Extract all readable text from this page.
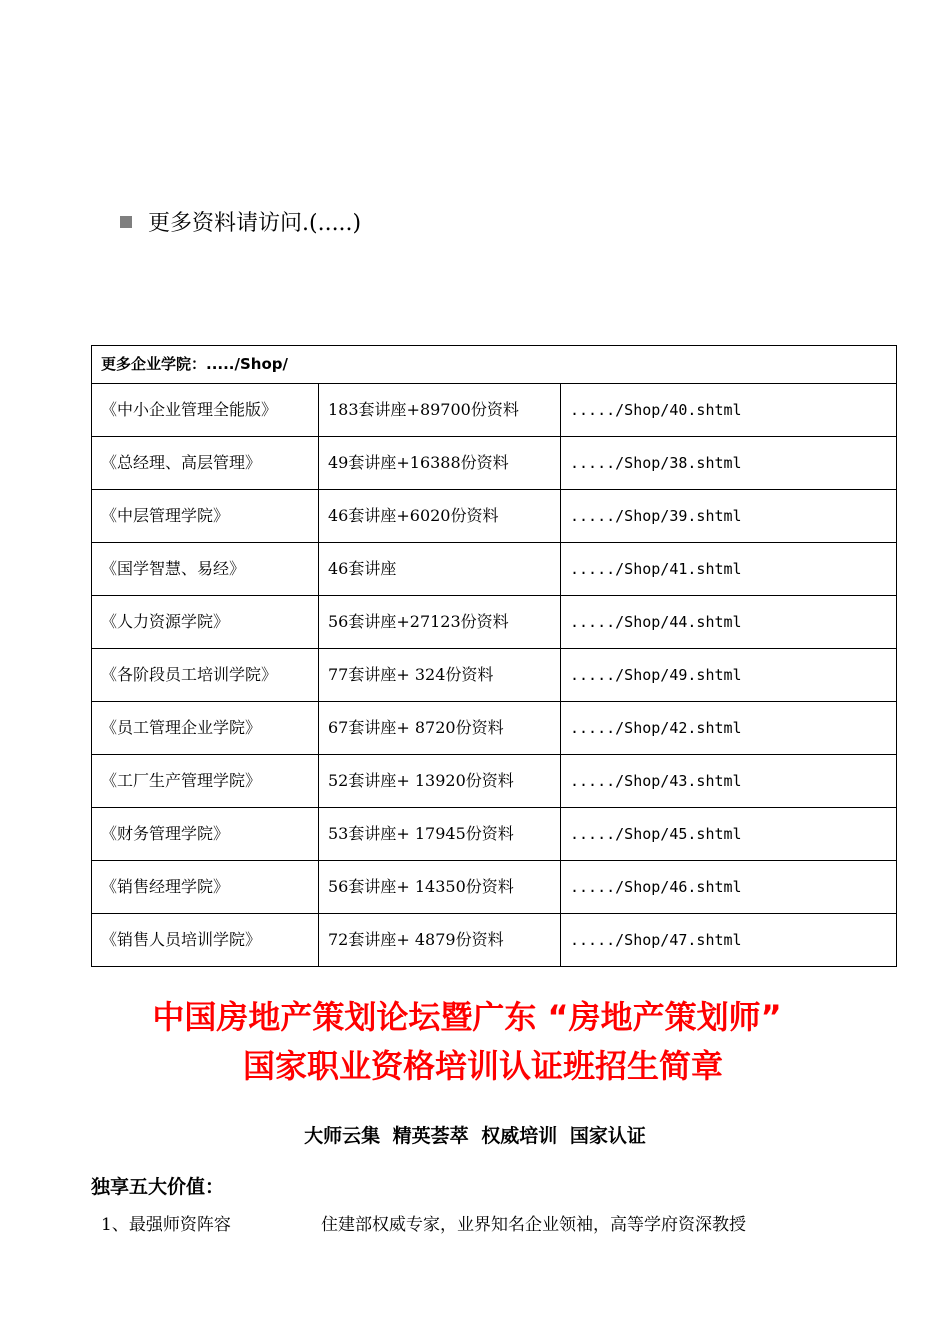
更多资料请访问.(.....)
更多企业学院：...../Shop/		
《中小企业管理全能版》	183套讲座+89700份资料	...../Shop/40.shtml
《总经理、高层管理》	49套讲座+16388份资料	...../Shop/38.shtml
《中层管理学院》	46套讲座+6020份资料	...../Shop/39.shtml
《国学智慧、易经》	46套讲座	...../Shop/41.shtml
《人力资源学院》	56套讲座+27123份资料	...../Shop/44.shtml
《各阶段员工培训学院》	77套讲座+ 324份资料	...../Shop/49.shtml
《员工管理企业学院》	67套讲座+ 8720份资料	...../Shop/42.shtml
《工厂生产管理学院》	52套讲座+ 13920份资料	...../Shop/43.shtml
《财务管理学院》	53套讲座+ 17945份资料	...../Shop/45.shtml
《销售经理学院》	56套讲座+ 14350份资料	...../Shop/46.shtml
《销售人员培训学院》	72套讲座+ 4879份资料	...../Shop/47.shtml
中国房地产策划论坛暨广东 “房地产策划师”
国家职业资格培训认证班招生简章
大师云集 精英荟萃 权威培训 国家认证
独享五大价值：
1、最强师资阵容	住建部权威专家，业界知名企业领袖，高等学府资深教授
